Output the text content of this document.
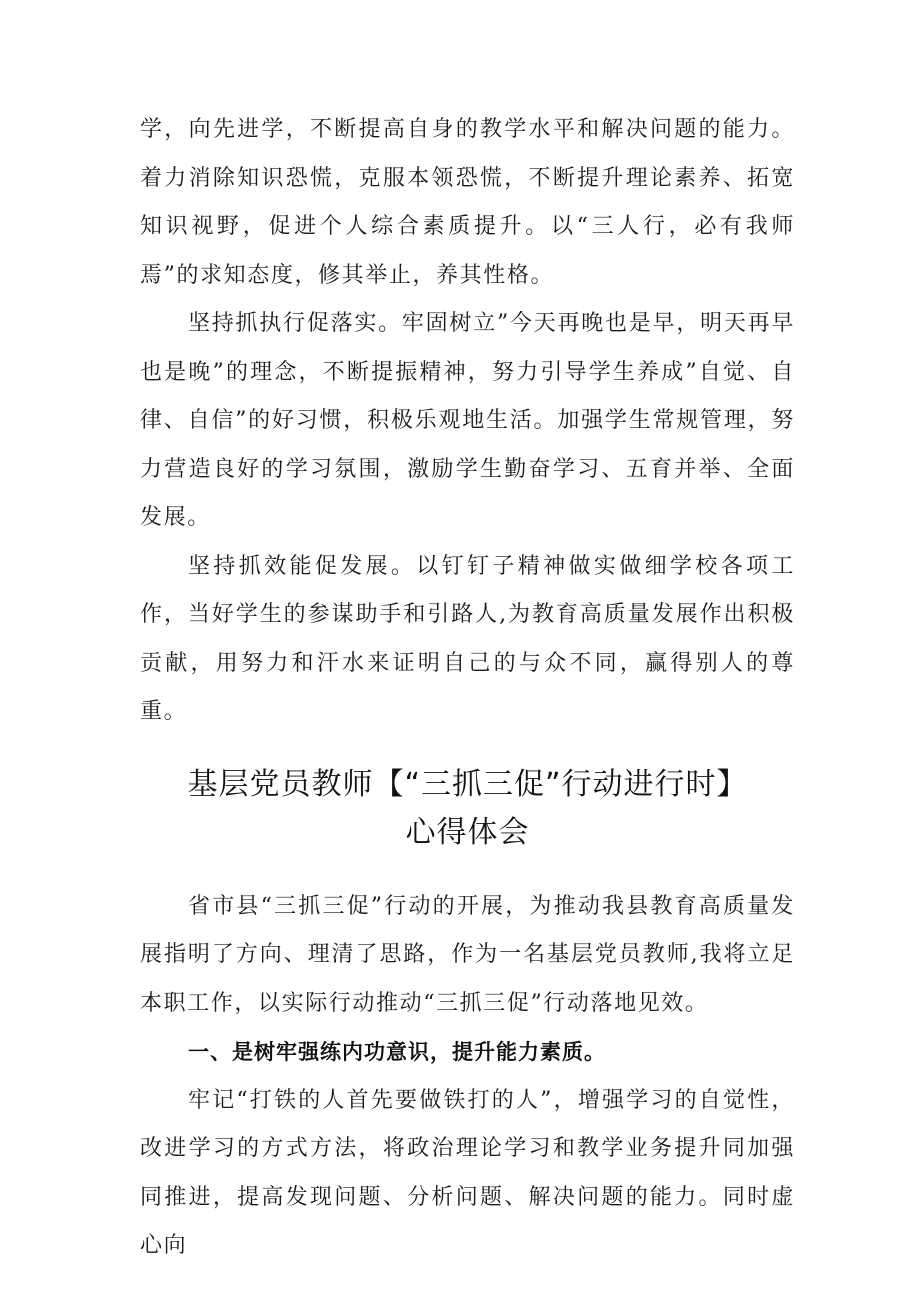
学，向先进学，不断提高自身的教学水平和解决问题的能力。着力消除知识恐慌，克服本领恐慌，不断提升理论素养、拓宽知识视野，促进个人综合素质提升。以“三人行，必有我师焉”的求知态度，修其举止，养其性格。

坚持抓执行促落实。牢固树立”今天再晚也是早，明天再早也是晚”的理念，不断提振精神，努力引导学生养成”自觉、自律、自信”的好习惯，积极乐观地生活。加强学生常规管理，努力营造良好的学习氛围，激励学生勤奋学习、五育并举、全面发展。

坚持抓效能促发展。以钉钉子精神做实做细学校各项工作，当好学生的参谋助手和引路人,为教育高质量发展作出积极贡献，用努力和汗水来证明自己的与众不同，赢得别人的尊重。

基层党员教师【“三抓三促”行动进行时】
心得体会

省市县“三抓三促”行动的开展，为推动我县教育高质量发展指明了方向、理清了思路，作为一名基层党员教师,我将立足本职工作，以实际行动推动“三抓三促”行动落地见效。

一、是树牢强练内功意识，提升能力素质。

牢记“打铁的人首先要做铁打的人”，增强学习的自觉性，改进学习的方式方法，将政治理论学习和教学业务提升同加强同推进，提高发现问题、分析问题、解决问题的能力。同时虚心向
